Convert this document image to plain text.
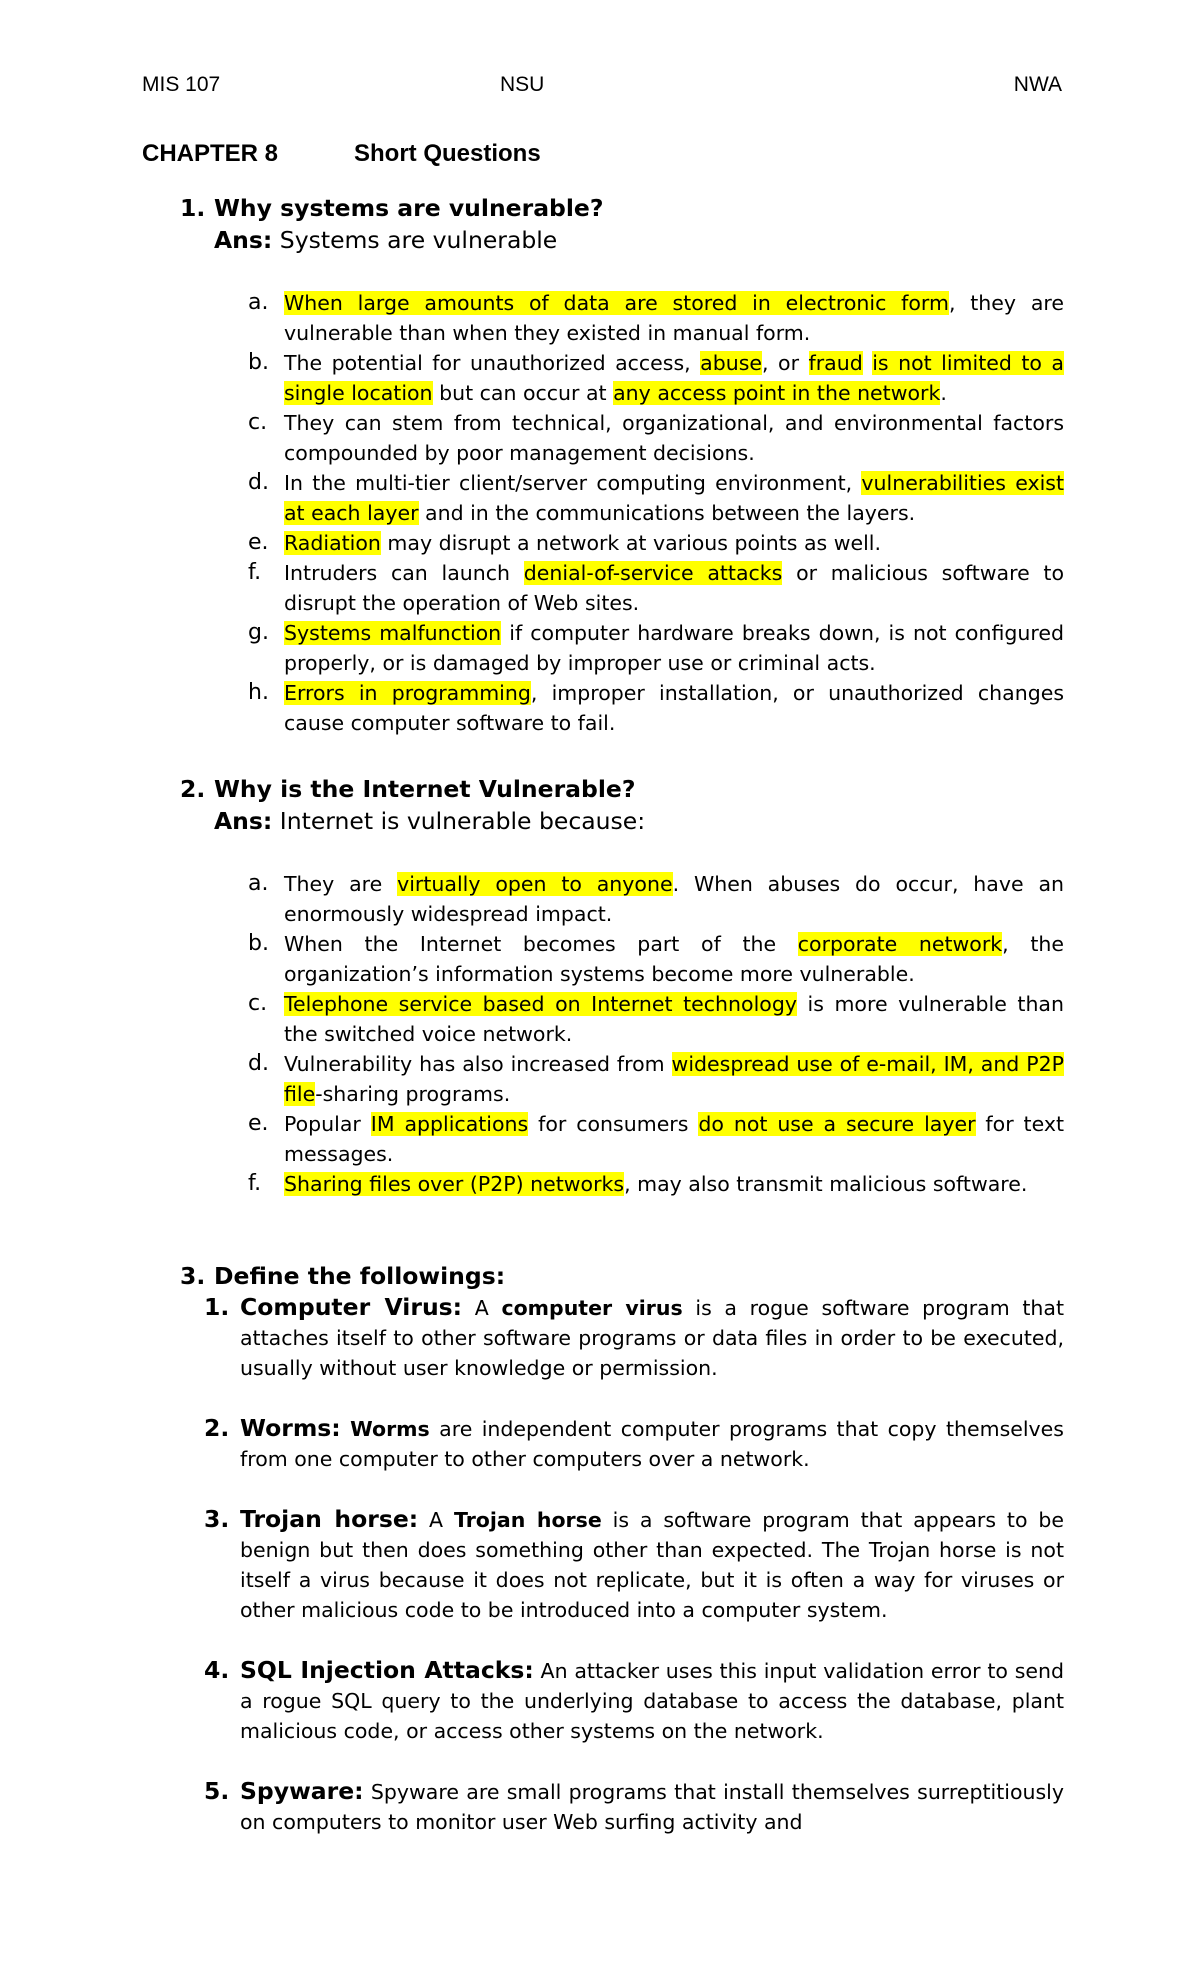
MIS 107	NSU	NWA
CHAPTER 8	Short Questions
1. Why systems are vulnerable?
Ans: Systems are vulnerable
a. When large amounts of data are stored in electronic form, they are vulnerable than when they existed in manual form.
b. The potential for unauthorized access, abuse, or fraud is not limited to a single location but can occur at any access point in the network.
c. They can stem from technical, organizational, and environmental factors compounded by poor management decisions.
d. In the multi-tier client/server computing environment, vulnerabilities exist at each layer and in the communications between the layers.
e. Radiation may disrupt a network at various points as well.
f. Intruders can launch denial-of-service attacks or malicious software to disrupt the operation of Web sites.
g. Systems malfunction if computer hardware breaks down, is not configured properly, or is damaged by improper use or criminal acts.
h. Errors in programming, improper installation, or unauthorized changes cause computer software to fail.
2. Why is the Internet Vulnerable?
Ans: Internet is vulnerable because:
a. They are virtually open to anyone. When abuses do occur, have an enormously widespread impact.
b. When the Internet becomes part of the corporate network, the organization’s information systems become more vulnerable.
c. Telephone service based on Internet technology is more vulnerable than the switched voice network.
d. Vulnerability has also increased from widespread use of e-mail, IM, and P2P file-sharing programs.
e. Popular IM applications for consumers do not use a secure layer for text messages.
f. Sharing files over (P2P) networks, may also transmit malicious software.
3. Define the followings:
1. Computer Virus: A computer virus is a rogue software program that attaches itself to other software programs or data files in order to be executed, usually without user knowledge or permission.
2. Worms: Worms are independent computer programs that copy themselves from one computer to other computers over a network.
3. Trojan horse: A Trojan horse is a software program that appears to be benign but then does something other than expected. The Trojan horse is not itself a virus because it does not replicate, but it is often a way for viruses or other malicious code to be introduced into a computer system.
4. SQL Injection Attacks: An attacker uses this input validation error to send a rogue SQL query to the underlying database to access the database, plant malicious code, or access other systems on the network.
5. Spyware: Spyware are small programs that install themselves surreptitiously on computers to monitor user Web surfing activity and
